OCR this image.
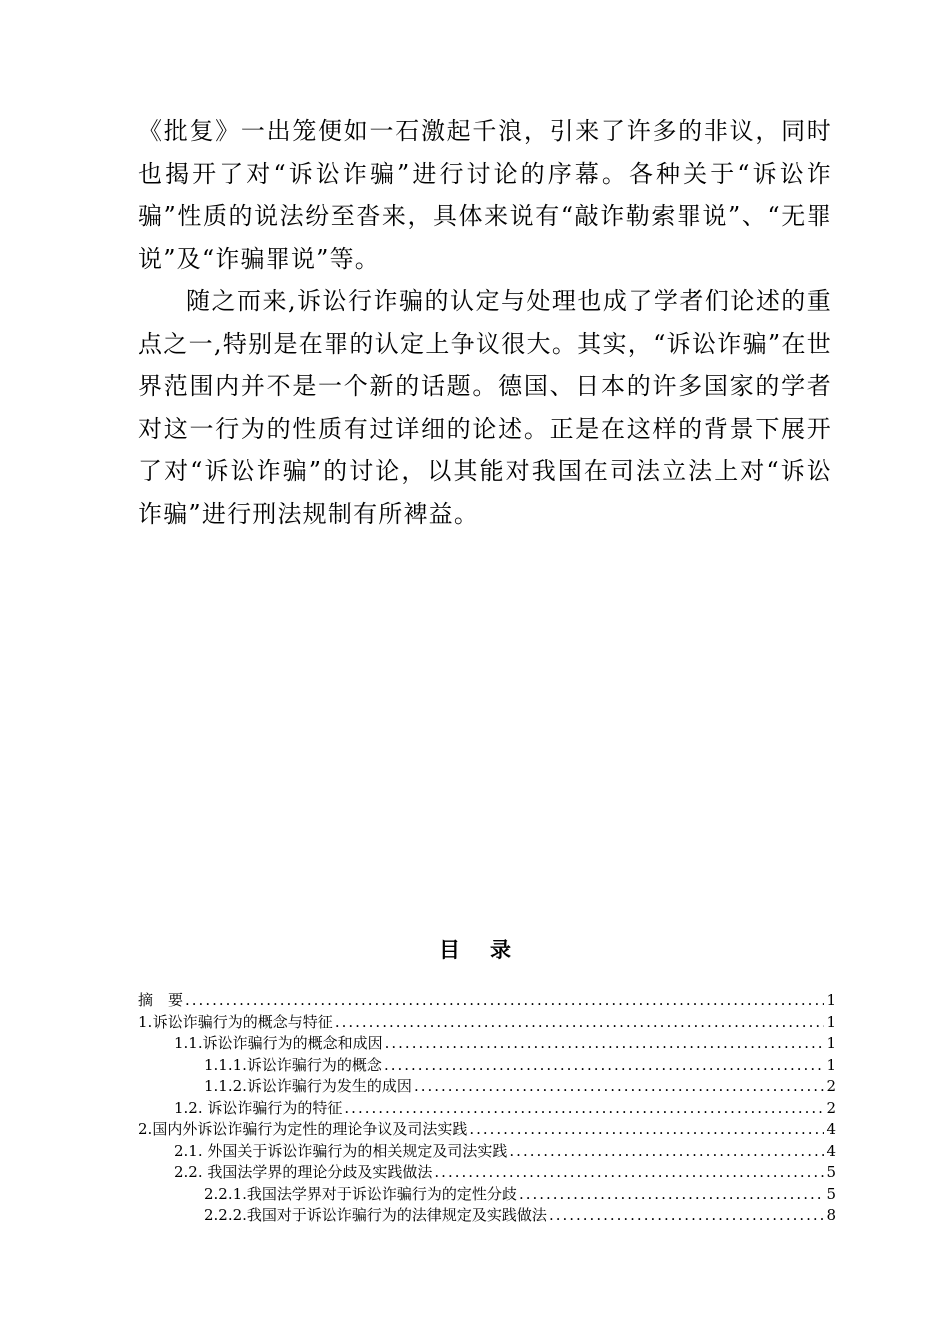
《批复》一出笼便如一石激起千浪，引来了许多的非议，同时也揭开了对“诉讼诈骗”进行讨论的序幕。各种关于“诉讼诈骗”性质的说法纷至沓来，具体来说有“敲诈勒索罪说”、“无罪说”及“诈骗罪说”等。

随之而来,诉讼行诈骗的认定与处理也成了学者们论述的重点之一,特别是在罪的认定上争议很大。其实，“诉讼诈骗”在世界范围内并不是一个新的话题。德国、日本的许多国家的学者对这一行为的性质有过详细的论述。正是在这样的背景下展开了对“诉讼诈骗”的讨论，以其能对我国在司法立法上对“诉讼诈骗”进行刑法规制有所裨益。

目录
摘　要 .....	1
1. 诉讼诈骗行为的概念与特征 .....	1
1.1.诉讼诈骗行为的概念和成因 .....	1
1.1.1.诉讼诈骗行为的概念 .....	1
1.1.2.诉讼诈骗行为发生的成因 .....	2
1.2. 诉讼诈骗行为的特征 .....	2
2. 国内外诉讼诈骗行为定性的理论争议及司法实践 .....	4
2.1. 外国关于诉讼诈骗行为的相关规定及司法实践 .....	4
2.2. 我国法学界的理论分歧及实践做法 .....	5
2.2.1.我国法学界对于诉讼诈骗行为的定性分歧 .....	5
2.2.2.我国对于诉讼诈骗行为的法律规定及实践做法 .....	8
